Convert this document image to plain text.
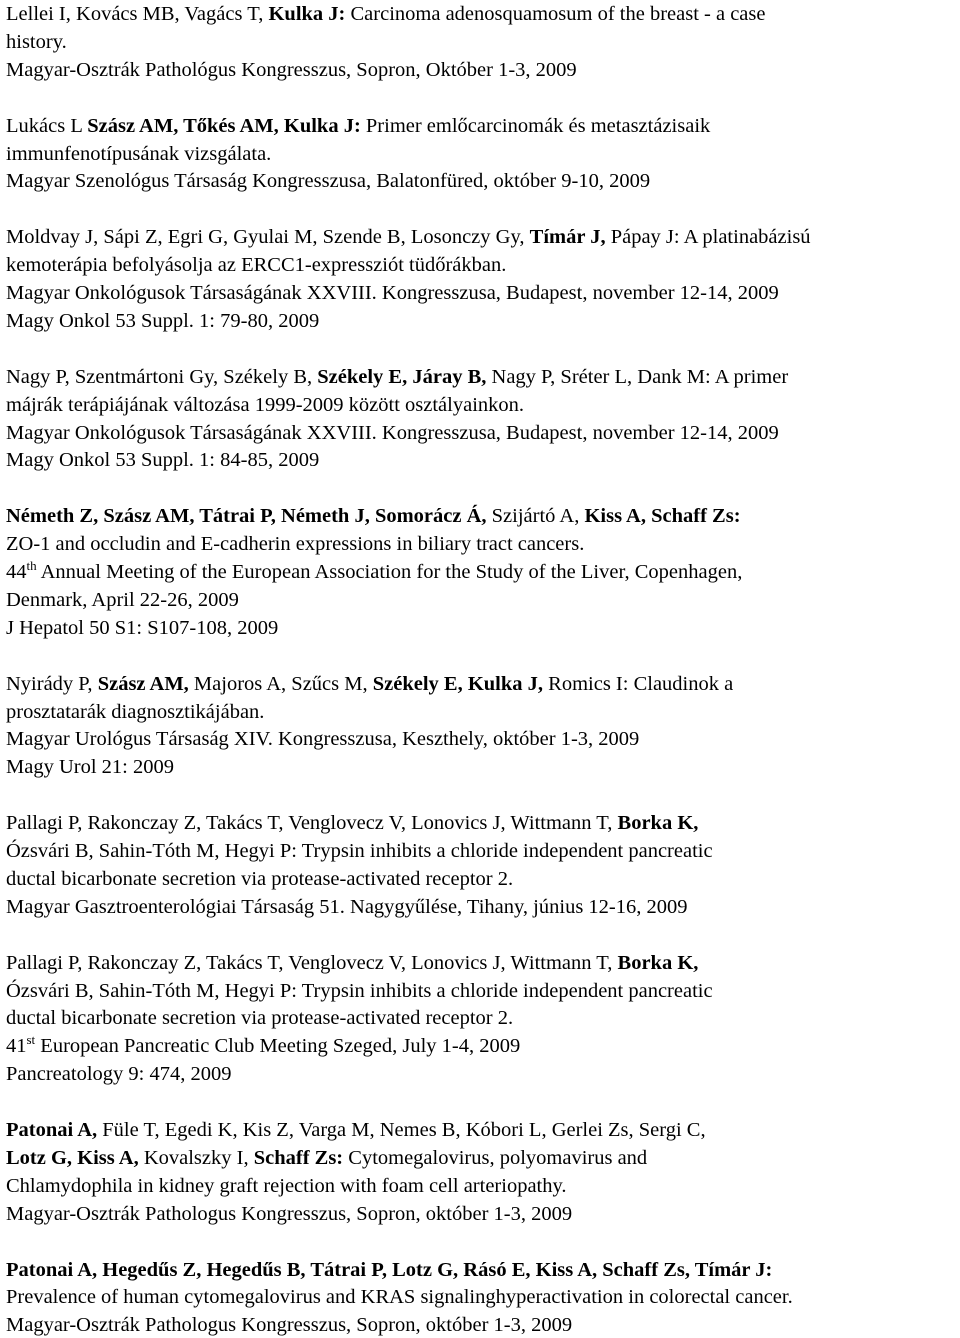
Lellei I, Kovács MB, Vagács T, Kulka J: Carcinoma adenosquamosum of the breast - a case
history.
Magyar-Osztrák Pathológus Kongresszus, Sopron, Október 1-3, 2009
Lukács L Szász AM, Tőkés AM, Kulka J: Primer emlőcarcinomák és metasztázisaik
immunfenotípusának vizsgálata.
Magyar Szenológus Társaság Kongresszusa, Balatonfüred, október 9-10, 2009
Moldvay J, Sápi Z, Egri G, Gyulai M, Szende B, Losonczy Gy, Tímár J, Pápay J: A platinabázisú
kemoterápia befolyásolja az ERCC1-expressziót tüdőrákban.
Magyar Onkológusok Társaságának XXVIII. Kongresszusa, Budapest, november 12-14, 2009
Magy Onkol 53 Suppl. 1: 79-80, 2009
Nagy P, Szentmártoni Gy, Székely B, Székely E, Járay B, Nagy P, Sréter L, Dank M: A primer
májrák terápiájának változása 1999-2009 között osztályainkon.
Magyar Onkológusok Társaságának XXVIII. Kongresszusa, Budapest, november 12-14, 2009
Magy Onkol 53 Suppl. 1: 84-85, 2009
Németh Z, Szász AM, Tátrai P, Németh J, Somorácz Á, Szijártó A, Kiss A, Schaff Zs:
ZO-1 and occludin and E-cadherin expressions in biliary tract cancers.
44th Annual Meeting of the European Association for the Study of the Liver, Copenhagen,
Denmark, April 22-26, 2009
J Hepatol 50 S1: S107-108, 2009
Nyirády P, Szász AM, Majoros A, Szűcs M, Székely E, Kulka J, Romics I: Claudinok a
prosztatarák diagnosztikájában.
Magyar Urológus Társaság XIV. Kongresszusa, Keszthely, október 1-3, 2009
Magy Urol 21: 2009
Pallagi P, Rakonczay Z, Takács T, Venglovecz V, Lonovics J, Wittmann T, Borka K,
Ózsvári B, Sahin-Tóth M, Hegyi P: Trypsin inhibits a chloride independent pancreatic
ductal bicarbonate secretion via protease-activated receptor 2.
Magyar Gasztroenterológiai Társaság 51. Nagygyűlése, Tihany, június 12-16, 2009
Pallagi P, Rakonczay Z, Takács T, Venglovecz V, Lonovics J, Wittmann T, Borka K,
Ózsvári B, Sahin-Tóth M, Hegyi P: Trypsin inhibits a chloride independent pancreatic
ductal bicarbonate secretion via protease-activated receptor 2.
41st European Pancreatic Club Meeting Szeged, July 1-4, 2009
Pancreatology 9: 474, 2009
Patonai A, Füle T, Egedi K, Kis Z, Varga M, Nemes B, Kóbori L, Gerlei Zs, Sergi C,
Lotz G, Kiss A, Kovalszky I, Schaff Zs: Cytomegalovirus, polyomavirus and
Chlamydophila in kidney graft rejection with foam cell arteriopathy.
Magyar-Osztrák Pathologus Kongresszus, Sopron, október 1-3, 2009
Patonai A, Hegedűs Z, Hegedűs B, Tátrai P, Lotz G, Rásó E, Kiss A, Schaff Zs, Tímár J:
Prevalence of human cytomegalovirus and KRAS signalinghyperactivation in colorectal cancer.
Magyar-Osztrák Pathologus Kongresszus, Sopron, október 1-3, 2009
